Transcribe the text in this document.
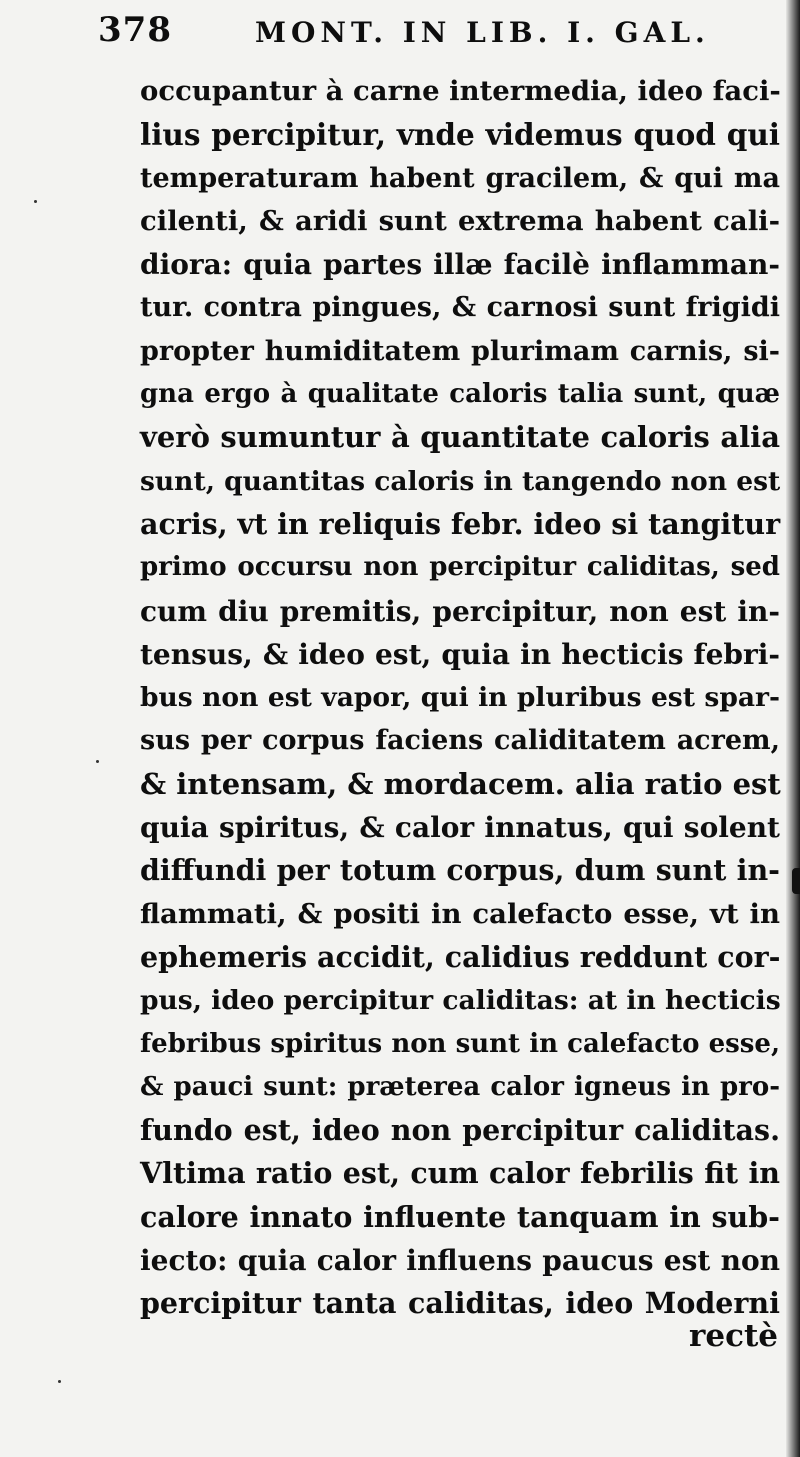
378	MONT. IN LIB. I. GAL.
occupantur à carne intermedia, ideo faci-
lius percipitur, vnde videmus quod qui
temperaturam habent gracilem, & qui ma
cilenti, & aridi sunt extrema habent cali-
diora: quia partes illæ facilè inflamman-
tur. contra pingues, & carnosi sunt frigidi
propter humiditatem plurimam carnis, si-
gna ergo à qualitate caloris talia sunt, quæ
verò sumuntur à quantitate caloris alia
sunt, quantitas caloris in tangendo non est
acris, vt in reliquis febr. ideo si tangitur
primo occursu non percipitur caliditas, sed
cum diu premitis, percipitur, non est in-
tensus, & ideo est, quia in hecticis febri-
bus non est vapor, qui in pluribus est spar-
sus per corpus faciens caliditatem acrem,
& intensam, & mordacem. alia ratio est
quia spiritus, & calor innatus, qui solent
diffundi per totum corpus, dum sunt in-
flammati, & positi in calefacto esse, vt in
ephemeris accidit, calidius reddunt cor-
pus, ideo percipitur caliditas: at in hecticis
febribus spiritus non sunt in calefacto esse,
& pauci sunt: præterea calor igneus in pro-
fundo est, ideo non percipitur caliditas.
Vltima ratio est, cum calor febrilis fit in
calore innato influente tanquam in sub-
iecto: quia calor influens paucus est non
percipitur tanta caliditas, ideo Moderni
rectè
